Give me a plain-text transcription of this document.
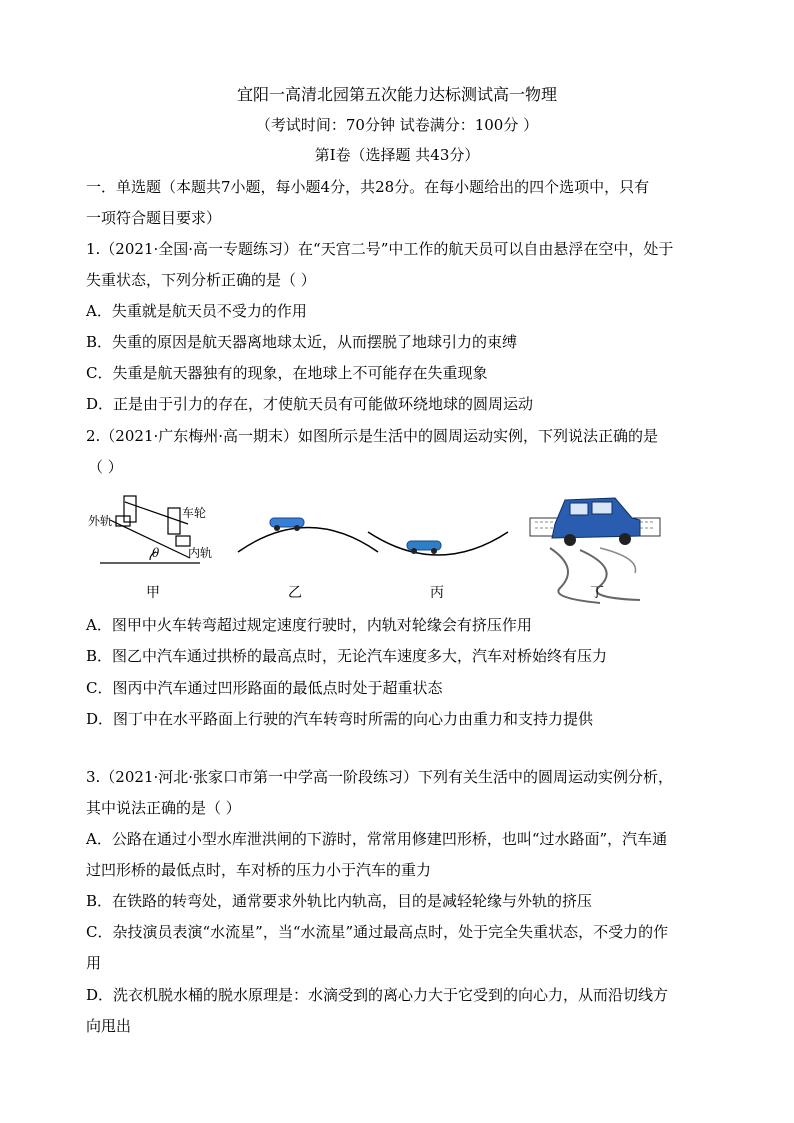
宜阳一高清北园第五次能力达标测试高一物理
（考试时间：70分钟 试卷满分：100分 ）
第Ⅰ卷（选择题 共43分）
一．单选题（本题共7小题，每小题4分，共28分。在每小题给出的四个选项中，只有
一项符合题目要求）
1.（2021·全国·高一专题练习）在“天宫二号”中工作的航天员可以自由悬浮在空中，处于
失重状态，下列分析正确的是（ ）
A．失重就是航天员不受力的作用
B．失重的原因是航天器离地球太近，从而摆脱了地球引力的束缚
C．失重是航天器独有的现象，在地球上不可能存在失重现象
D．正是由于引力的存在，才使航天员有可能做环绕地球的圆周运动
2.（2021·广东梅州·高一期末）如图所示是生活中的圆周运动实例，下列说法正确的是
（ ）
外轨
车轮
内轨
θ
甲	乙	丙	丁
A．图甲中火车转弯超过规定速度行驶时，内轨对轮缘会有挤压作用
B．图乙中汽车通过拱桥的最高点时，无论汽车速度多大，汽车对桥始终有压力
C．图丙中汽车通过凹形路面的最低点时处于超重状态
D．图丁中在水平路面上行驶的汽车转弯时所需的向心力由重力和支持力提供
3.（2021·河北·张家口市第一中学高一阶段练习）下列有关生活中的圆周运动实例分析，
其中说法正确的是（ ）
A．公路在通过小型水库泄洪闸的下游时，常常用修建凹形桥，也叫“过水路面”，汽车通
过凹形桥的最低点时，车对桥的压力小于汽车的重力
B．在铁路的转弯处，通常要求外轨比内轨高，目的是减轻轮缘与外轨的挤压
C．杂技演员表演“水流星”，当“水流星”通过最高点时，处于完全失重状态，不受力的作
用
D．洗衣机脱水桶的脱水原理是：水滴受到的离心力大于它受到的向心力，从而沿切线方
向甩出
